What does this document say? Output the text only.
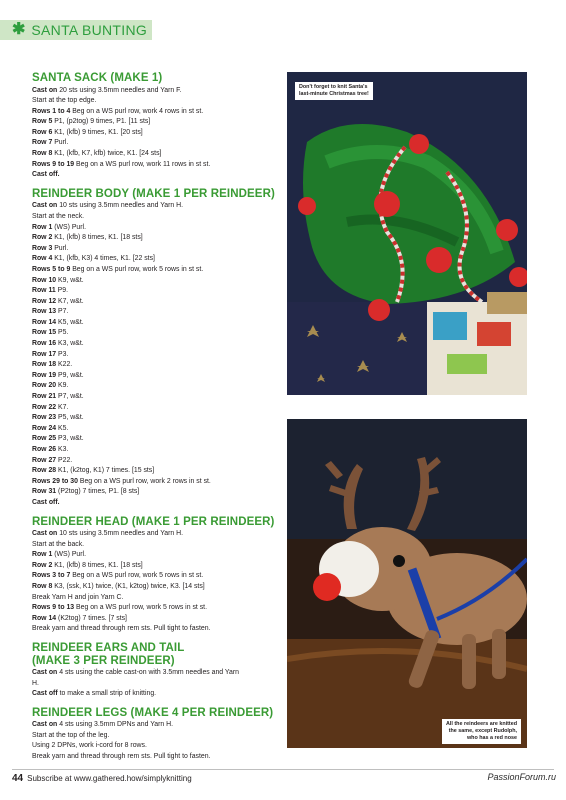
✱ SANTA BUNTING
SANTA SACK (MAKE 1)
Cast on 20 sts using 3.5mm needles and Yarn F.
Start at the top edge.
Rows 1 to 4 Beg on a WS purl row, work 4 rows in st st.
Row 5 P1, (p2tog) 9 times, P1. [11 sts]
Row 6 K1, (kfb) 9 times, K1. [20 sts]
Row 7 Purl.
Row 8 K1, (kfb, K7, kfb) twice, K1. [24 sts]
Rows 9 to 19 Beg on a WS purl row, work 11 rows in st st.
Cast off.
REINDEER BODY (MAKE 1 PER REINDEER)
Cast on 10 sts using 3.5mm needles and Yarn H.
Start at the neck.
Row 1 (WS) Purl.
Row 2 K1, (kfb) 8 times, K1. [18 sts]
Row 3 Purl.
Row 4 K1, (kfb, K3) 4 times, K1. [22 sts]
Rows 5 to 9 Beg on a WS purl row, work 5 rows in st st.
Row 10 K9, w&t.
Row 11 P9.
Row 12 K7, w&t.
Row 13 P7.
Row 14 K5, w&t.
Row 15 P5.
Row 16 K3, w&t.
Row 17 P3.
Row 18 K22.
Row 19 P9, w&t.
Row 20 K9.
Row 21 P7, w&t.
Row 22 K7.
Row 23 P5, w&t.
Row 24 K5.
Row 25 P3, w&t.
Row 26 K3.
Row 27 P22.
Row 28 K1, (k2tog, K1) 7 times. [15 sts]
Rows 29 to 30 Beg on a WS purl row, work 2 rows in st st.
Row 31 (P2tog) 7 times, P1. [8 sts]
Cast off.
REINDEER HEAD (MAKE 1 PER REINDEER)
Cast on 10 sts using 3.5mm needles and Yarn H.
Start at the back.
Row 1 (WS) Purl.
Row 2 K1, (kfb) 8 times, K1. [18 sts]
Rows 3 to 7 Beg on a WS purl row, work 5 rows in st st.
Row 8 K3, (ssk, K1) twice, (K1, k2tog) twice, K3. [14 sts]
Break Yarn H and join Yarn C.
Rows 9 to 13 Beg on a WS purl row, work 5 rows in st st.
Row 14 (K2tog) 7 times. [7 sts]
Break yarn and thread through rem sts. Pull tight to fasten.
REINDEER EARS AND TAIL
(MAKE 3 PER REINDEER)
Cast on 4 sts using the cable cast-on with 3.5mm needles and Yarn
H.
Cast off to make a small strip of knitting.
REINDEER LEGS (MAKE 4 PER REINDEER)
Cast on 4 sts using 3.5mm DPNs and Yarn H.
Start at the top of the leg.
Using 2 DPNs, work i-cord for 8 rows.
Break yarn and thread through rem sts. Pull tight to fasten.
Don't forget to knit Santa's
last-minute Christmas tree!
All the reindeers are knitted
the same, except Rudolph,
who has a red nose
44 Subscribe at www.gathered.how/simplyknitting	PassionForum.ru
